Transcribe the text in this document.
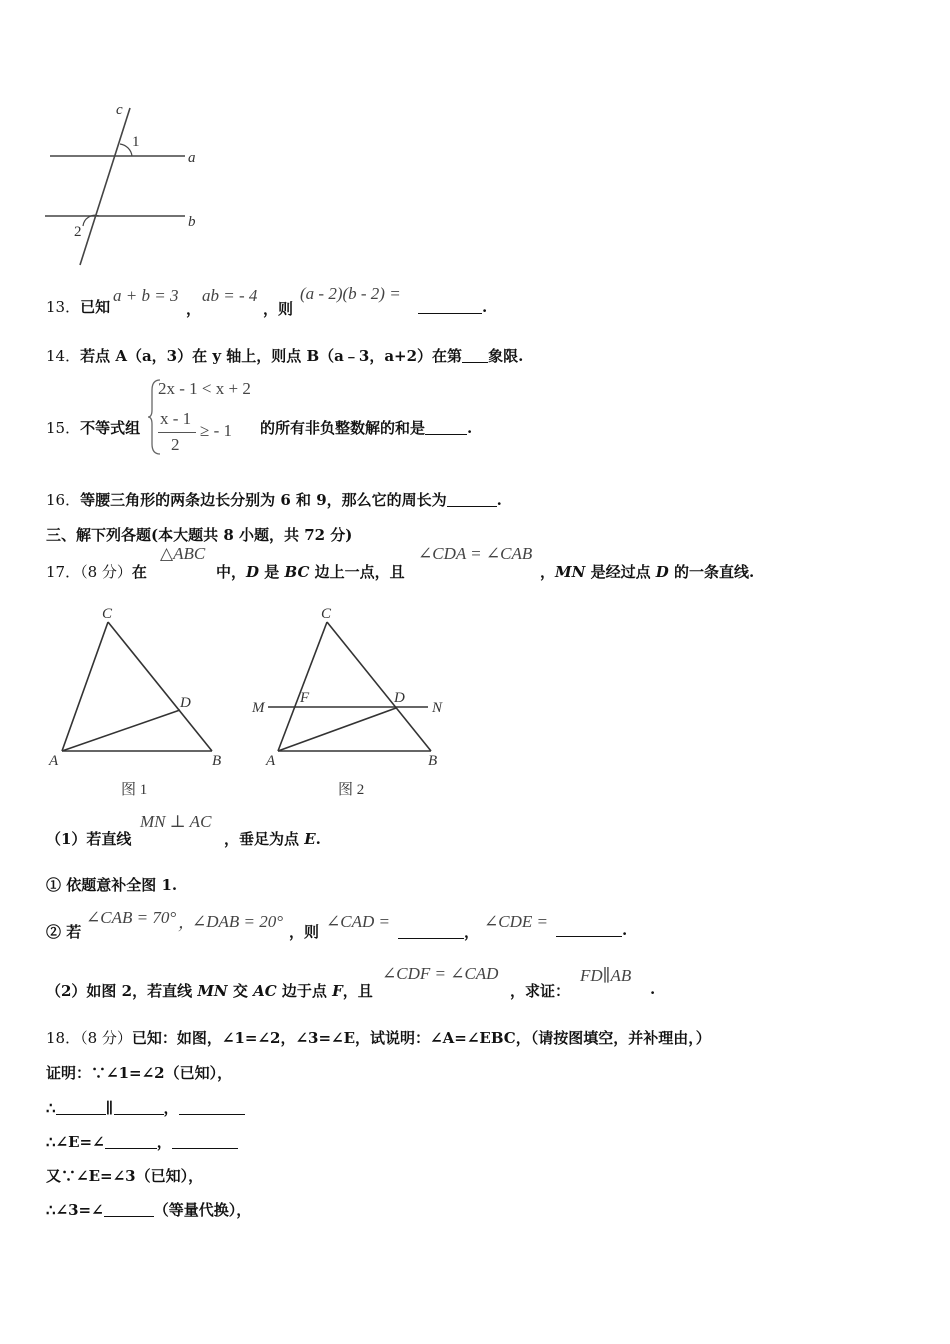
c
1
a
2
b
13．已知
a + b = 3
，
ab = - 4
，则
(a - 2)(b - 2) =
.
14．若点 A（a，3）在 y 轴上，则点 B（a﹣3，a+2）在第 象限.
15．不等式组
2x - 1 < x + 2
x - 1
2
≥ - 1 的所有非负整数解的和是	.
16．等腰三角形的两条边长分别为 6 和 9，那么它的周长为	.
三、解下列各题(本大题共 8 小题，共 72 分)
17．（8 分）在
△ABC
中，D 是 BC 边上一点，且
∠CDA = ∠CAB
，MN 是经过点 D 的一条直线.
C
D
A	B
图 1
C
M
F	D
N
A	B
图 2
（1）若直线
MN ⊥ AC
，垂足为点 E.
① 依题意补全图 1.
② 若
∠CAB = 70° ，
∠DAB = 20°
，则
∠CAD =
，
∠CDE =	.
（2）如图 2，若直线 MN 交 AC 边于点 F，且
∠CDF = ∠CAD
，求证：
FD∥AB
.
18．（8 分）已知：如图，∠1=∠2，∠3=∠E，试说明：∠A=∠EBC，（请按图填空，并补理由，）
证明：∵∠1=∠2（已知），
∴	∥	，
∴∠E=∠	，
又∵∠E=∠3（已知），
∴∠3=∠	（等量代换），
